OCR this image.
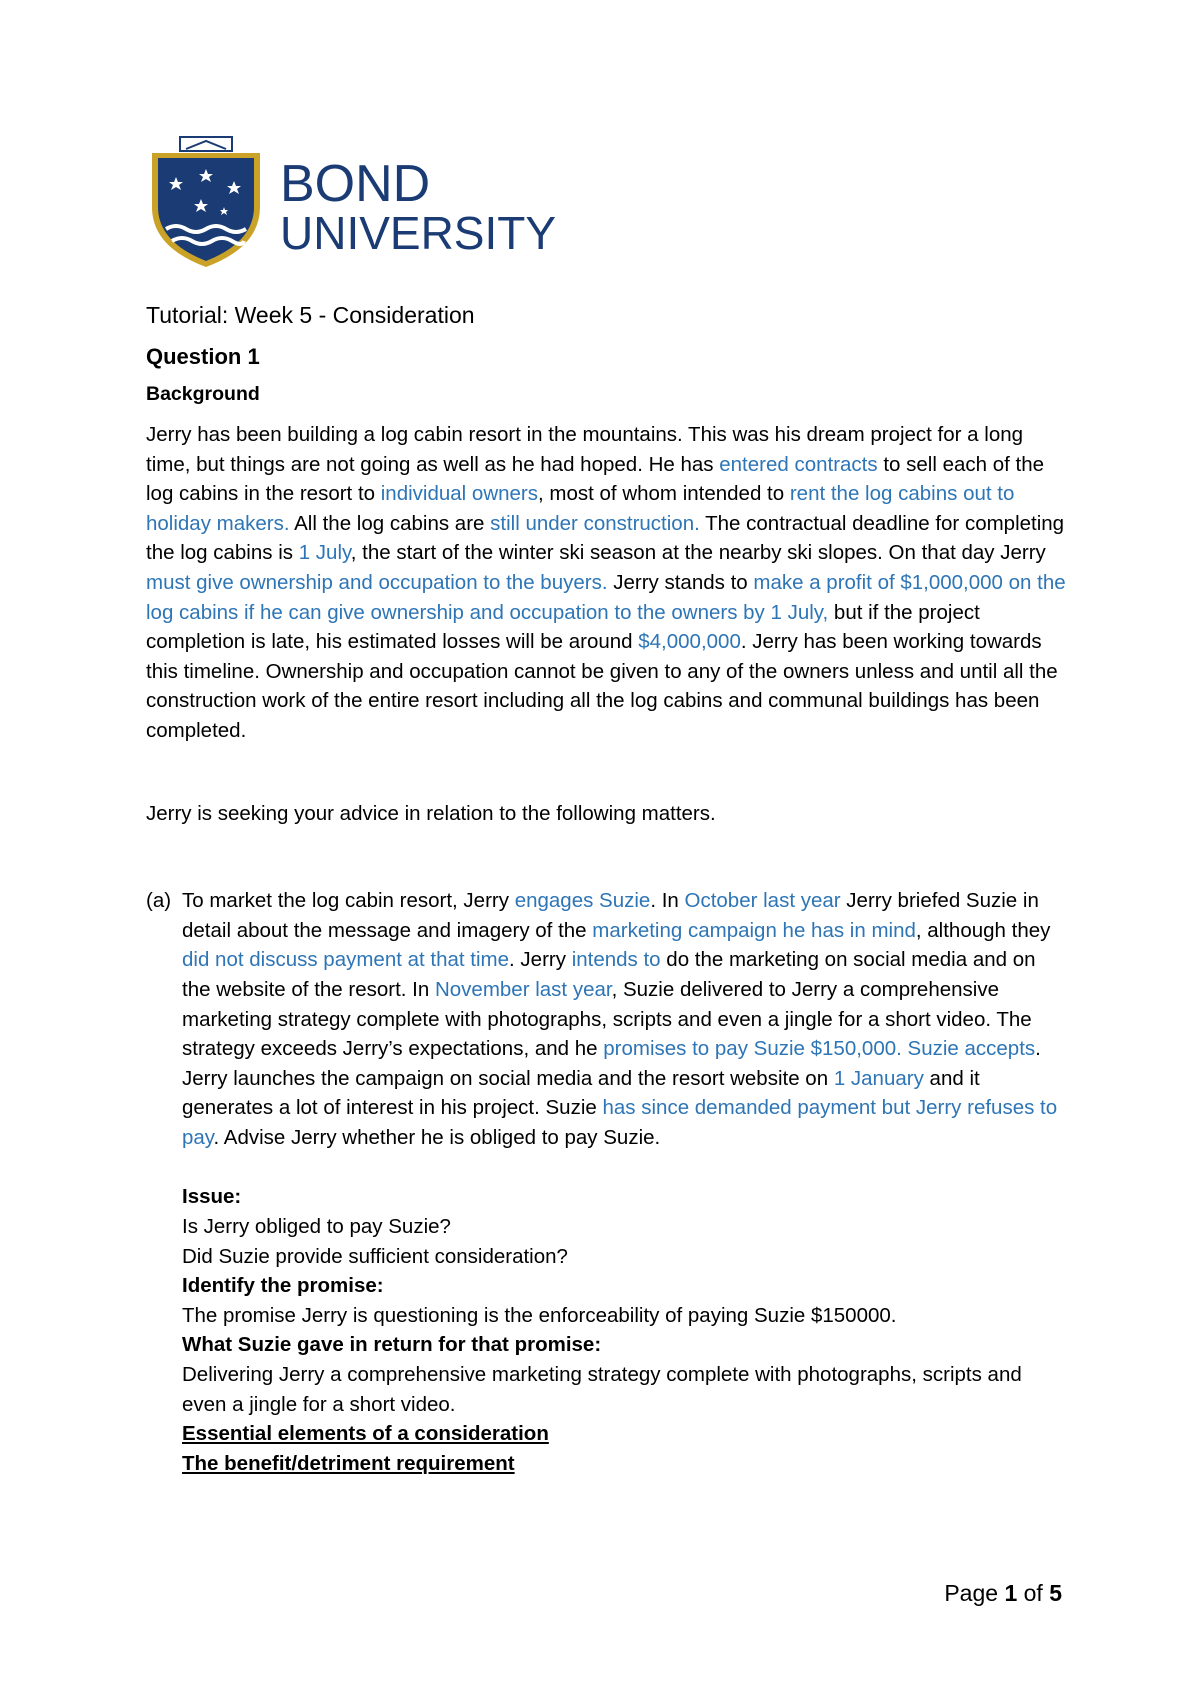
BOND
UNIVERSITY
Tutorial: Week 5 - Consideration
Question 1
Background

Jerry has been building a log cabin resort in the mountains. This was his dream project for a long time, but things are not going as well as he had hoped. He has entered contracts to sell each of the log cabins in the resort to individual owners, most of whom intended to rent the log cabins out to holiday makers. All the log cabins are still under construction. The contractual deadline for completing the log cabins is 1 July, the start of the winter ski season at the nearby ski slopes. On that day Jerry must give ownership and occupation to the buyers. Jerry stands to make a profit of $1,000,000 on the log cabins if he can give ownership and occupation to the owners by 1 July, but if the project completion is late, his estimated losses will be around $4,000,000. Jerry has been working towards this timeline. Ownership and occupation cannot be given to any of the owners unless and until all the construction work of the entire resort including all the log cabins and communal buildings has been completed.

Jerry is seeking your advice in relation to the following matters.

(a) To market the log cabin resort, Jerry engages Suzie. In October last year Jerry briefed Suzie in detail about the message and imagery of the marketing campaign he has in mind, although they did not discuss payment at that time. Jerry intends to do the marketing on social media and on the website of the resort. In November last year, Suzie delivered to Jerry a comprehensive marketing strategy complete with photographs, scripts and even a jingle for a short video. The strategy exceeds Jerry’s expectations, and he promises to pay Suzie $150,000. Suzie accepts. Jerry launches the campaign on social media and the resort website on 1 January and it generates a lot of interest in his project. Suzie has since demanded payment but Jerry refuses to pay. Advise Jerry whether he is obliged to pay Suzie.

Issue:

Is Jerry obliged to pay Suzie?

Did Suzie provide sufficient consideration?

Identify the promise:

The promise Jerry is questioning is the enforceability of paying Suzie $150000.

What Suzie gave in return for that promise:

Delivering Jerry a comprehensive marketing strategy complete with photographs, scripts and even a jingle for a short video.

Essential elements of a consideration

The benefit/detriment requirement

Page 1 of 5
